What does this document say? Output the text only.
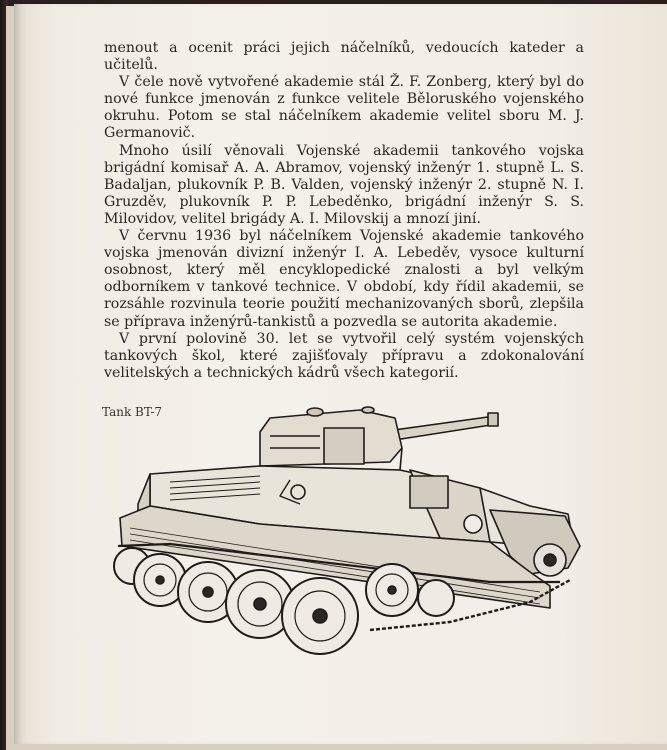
menout a ocenit práci jejich náčelníků, vedoucích kateder a učitelů.

V čele nově vytvořené akademie stál Ž. F. Zonberg, který byl do nové funkce jmenován z funkce velitele Běloruského vojenského okruhu. Potom se stal náčelníkem akademie velitel sboru M. J. Germanovič.

Mnoho úsilí věnovali Vojenské akademii tankového vojska brigádní komisař A. A. Abramov, vojenský inženýr 1. stupně L. S. Badaljan, plukovník P. B. Valden, vojenský inženýr 2. stupně N. I. Gruzděv, plukovník P. P. Lebeděnko, brigádní inženýr S. S. Milovidov, velitel brigády A. I. Milovskij a mnozí jiní.

V červnu 1936 byl náčelníkem Vojenské akademie tankového vojska jmenován divizní inženýr I. A. Lebeděv, vysoce kulturní osobnost, který měl encyklopedické znalosti a byl velkým odborníkem v tankové technice. V období, kdy řídil akademii, se rozsáhle rozvinula teorie použití mechanizovaných sborů, zlepšila se příprava inženýrů-tankistů a pozvedla se autorita akademie.

V první polovině 30. let se vytvořil celý systém vojenských tankových škol, které zajišťovaly přípravu a zdokonalování velitelských a technických kádrů všech kategorií.

Tank BT-7
